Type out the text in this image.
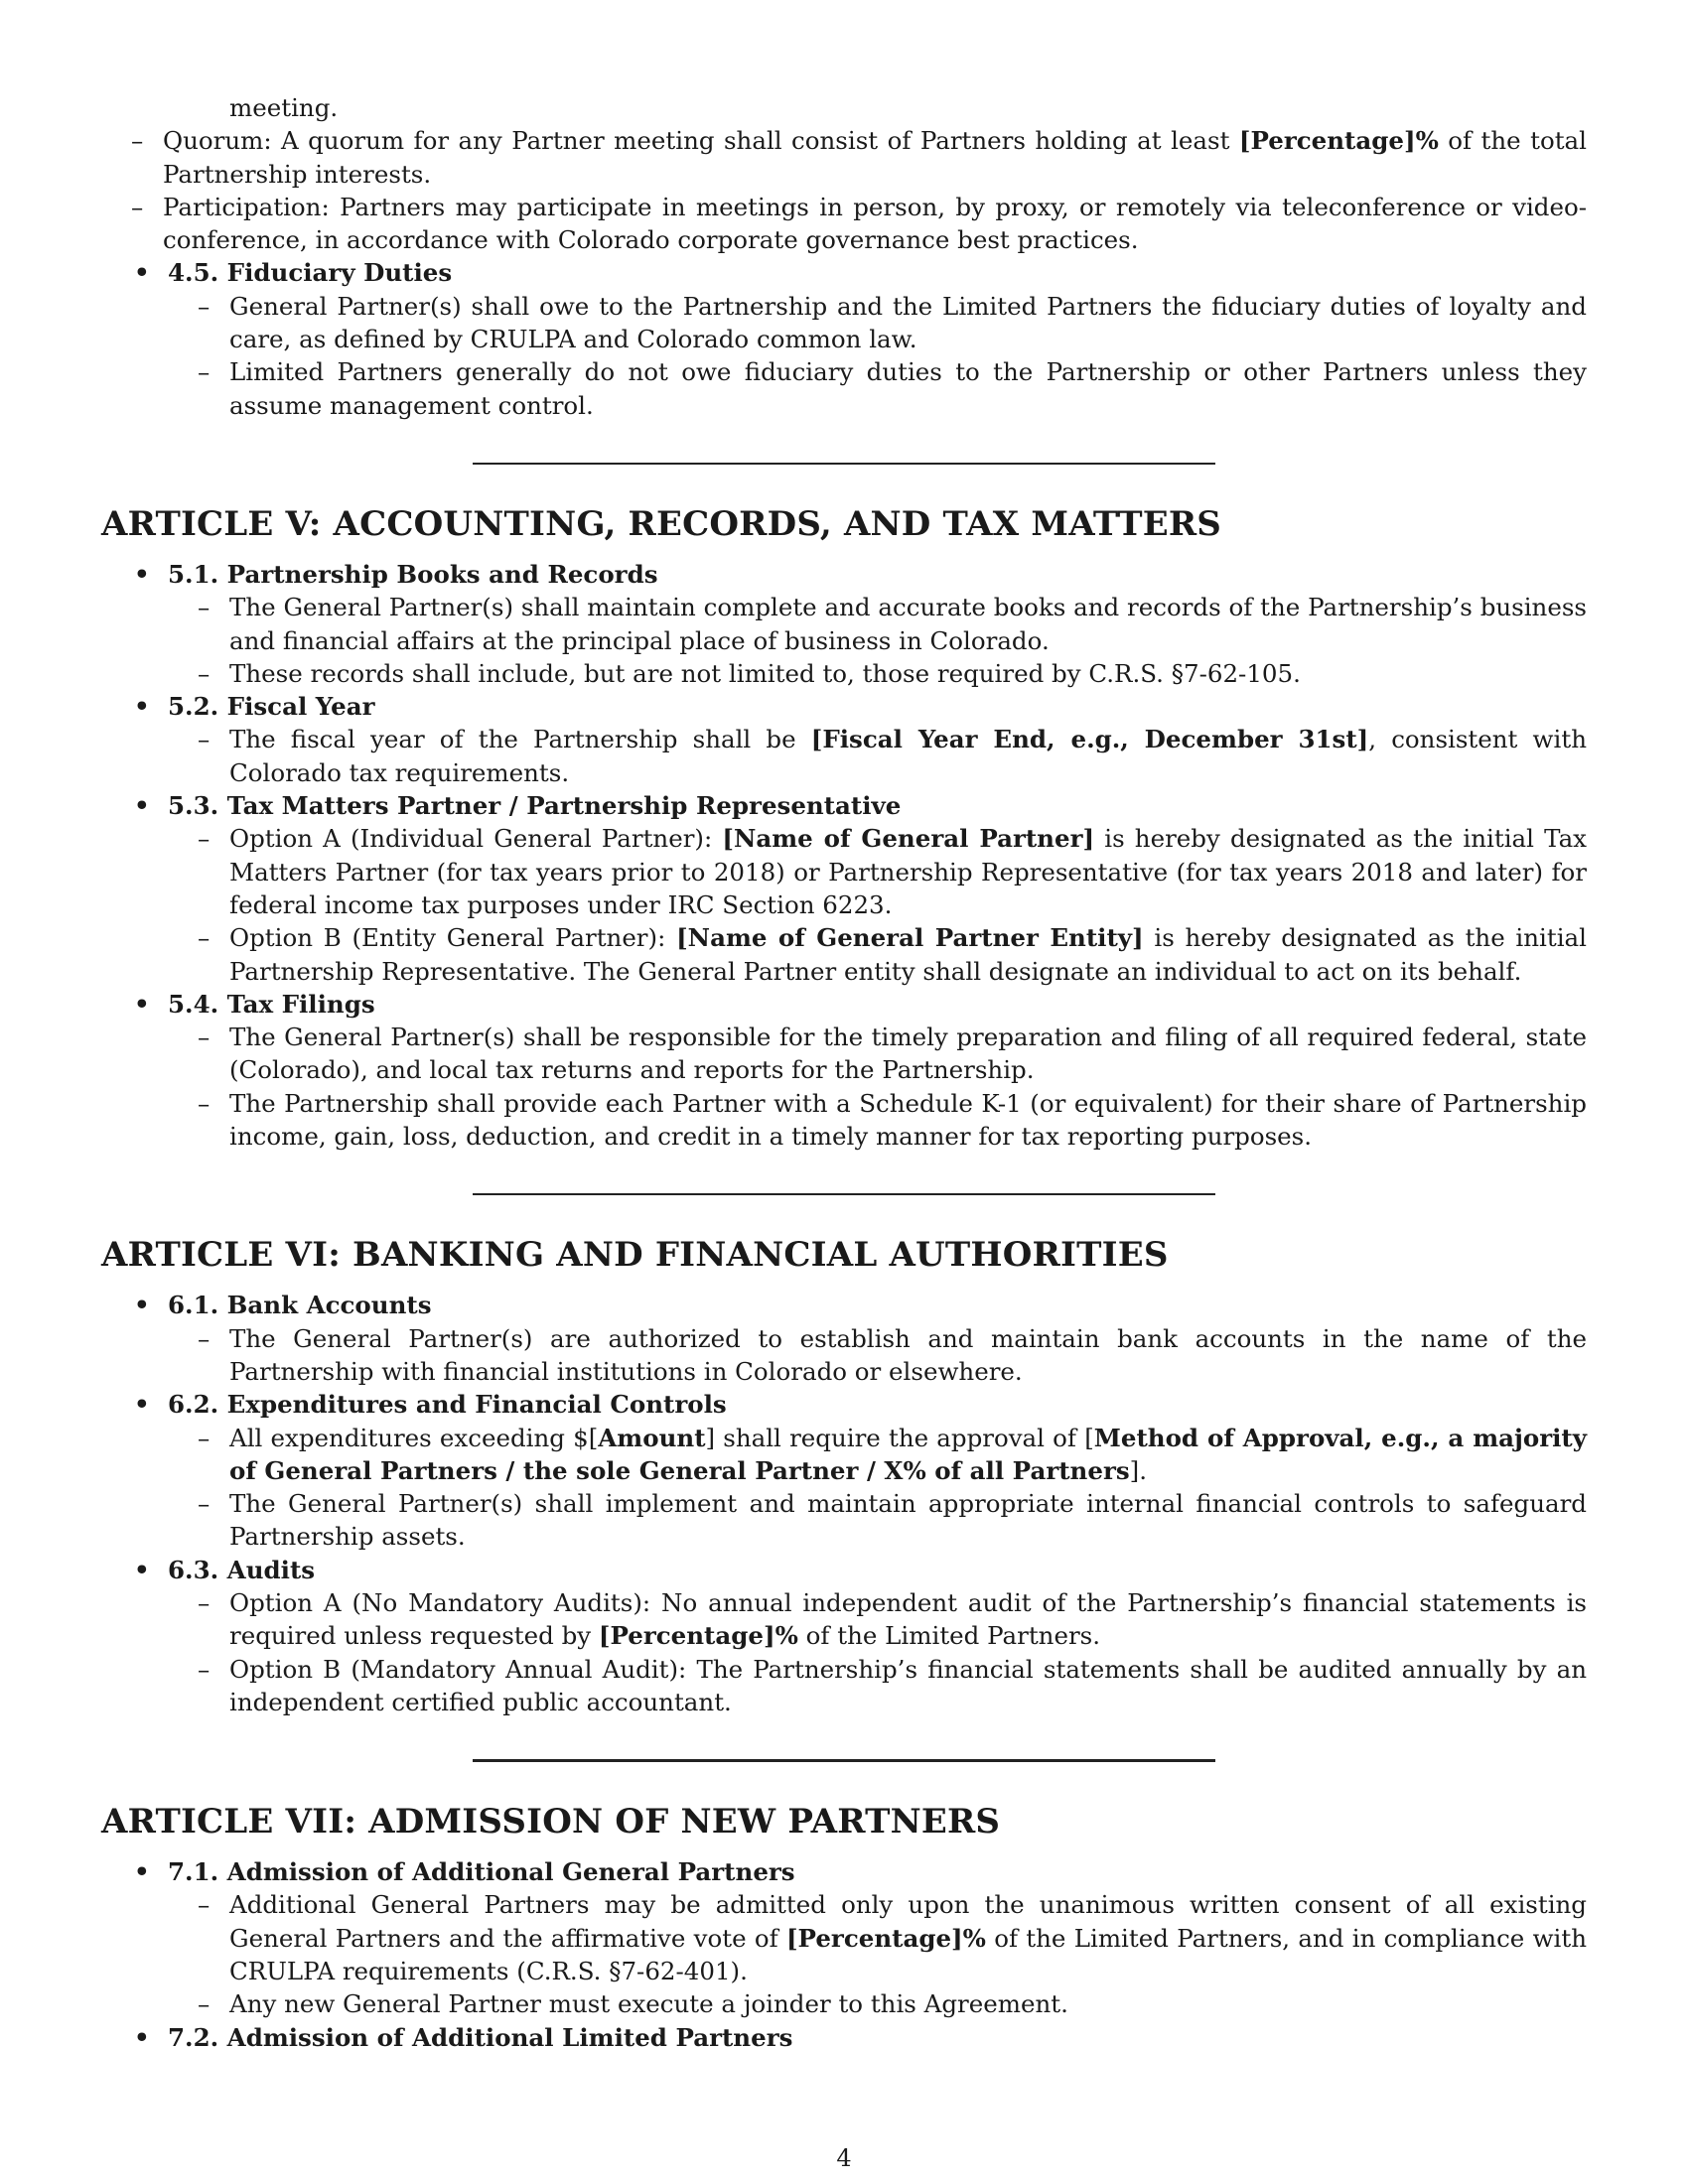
meeting.
– Quorum: A quorum for any Partner meeting shall consist of Partners holding at least [Percentage]% of the total Partnership interests.
– Participation: Partners may participate in meetings in person, by proxy, or remotely via teleconference or video-conference, in accordance with Colorado corporate governance best practices.
• 4.5. Fiduciary Duties
– General Partner(s) shall owe to the Partnership and the Limited Partners the fiduciary duties of loyalty and care, as defined by CRULPA and Colorado common law.
– Limited Partners generally do not owe fiduciary duties to the Partnership or other Partners unless they assume management control.
ARTICLE V: ACCOUNTING, RECORDS, AND TAX MATTERS
• 5.1. Partnership Books and Records
– The General Partner(s) shall maintain complete and accurate books and records of the Partnership’s business and financial affairs at the principal place of business in Colorado.
– These records shall include, but are not limited to, those required by C.R.S. §7-62-105.
• 5.2. Fiscal Year
– The fiscal year of the Partnership shall be [Fiscal Year End, e.g., December 31st], consistent with Colorado tax requirements.
• 5.3. Tax Matters Partner / Partnership Representative
– Option A (Individual General Partner): [Name of General Partner] is hereby designated as the initial Tax Matters Partner (for tax years prior to 2018) or Partnership Representative (for tax years 2018 and later) for federal income tax purposes under IRC Section 6223.
– Option B (Entity General Partner): [Name of General Partner Entity] is hereby designated as the initial Partnership Representative. The General Partner entity shall designate an individual to act on its behalf.
• 5.4. Tax Filings
– The General Partner(s) shall be responsible for the timely preparation and filing of all required federal, state (Colorado), and local tax returns and reports for the Partnership.
– The Partnership shall provide each Partner with a Schedule K-1 (or equivalent) for their share of Partnership income, gain, loss, deduction, and credit in a timely manner for tax reporting purposes.
ARTICLE VI: BANKING AND FINANCIAL AUTHORITIES
• 6.1. Bank Accounts
– The General Partner(s) are authorized to establish and maintain bank accounts in the name of the Partnership with financial institutions in Colorado or elsewhere.
• 6.2. Expenditures and Financial Controls
– All expenditures exceeding $[Amount] shall require the approval of [Method of Approval, e.g., a majority of General Partners / the sole General Partner / X% of all Partners].
– The General Partner(s) shall implement and maintain appropriate internal financial controls to safeguard Partnership assets.
• 6.3. Audits
– Option A (No Mandatory Audits): No annual independent audit of the Partnership’s financial statements is required unless requested by [Percentage]% of the Limited Partners.
– Option B (Mandatory Annual Audit): The Partnership’s financial statements shall be audited annually by an independent certified public accountant.
ARTICLE VII: ADMISSION OF NEW PARTNERS
• 7.1. Admission of Additional General Partners
– Additional General Partners may be admitted only upon the unanimous written consent of all existing General Partners and the affirmative vote of [Percentage]% of the Limited Partners, and in compliance with CRULPA requirements (C.R.S. §7-62-401).
– Any new General Partner must execute a joinder to this Agreement.
• 7.2. Admission of Additional Limited Partners
4
